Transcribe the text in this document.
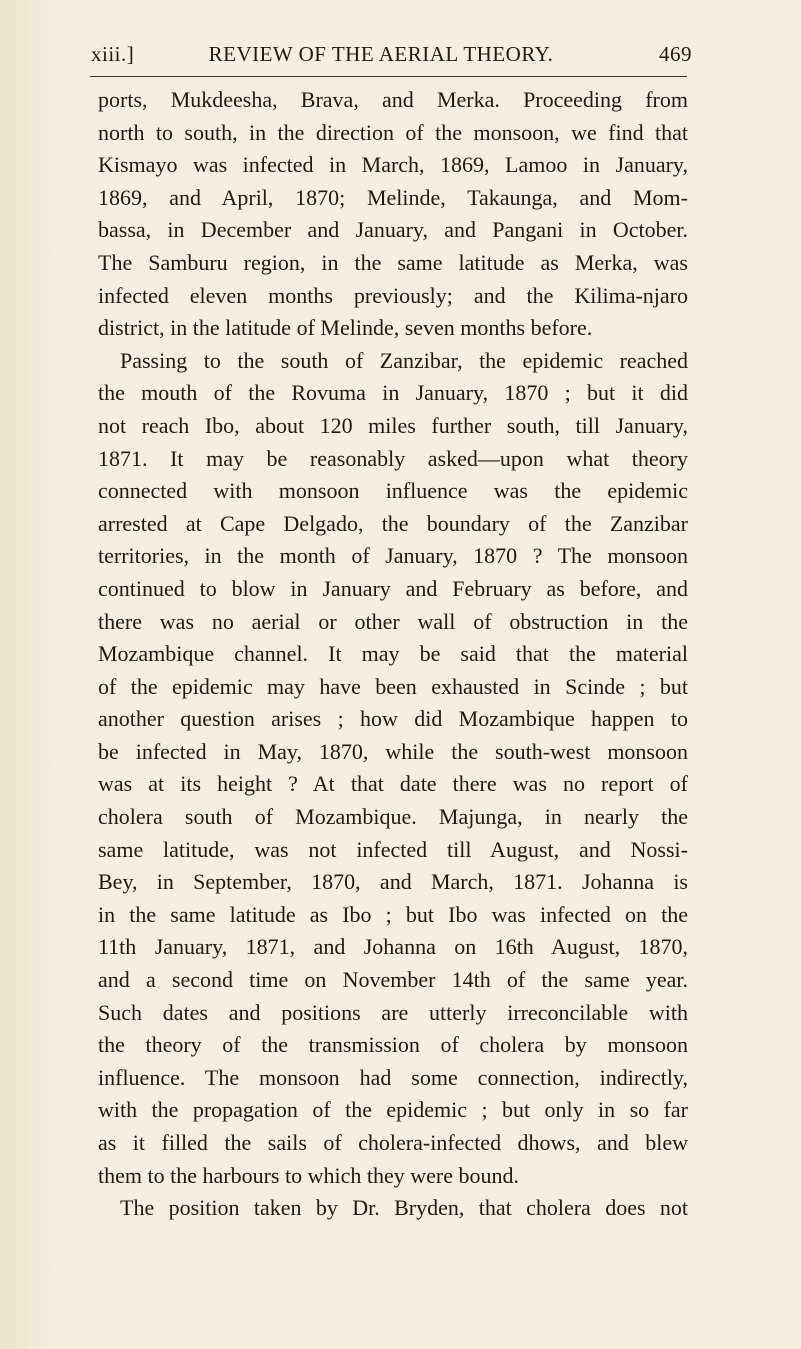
xiii.]	REVIEW OF THE AERIAL THEORY.	469

ports, Mukdeesha, Brava, and Merka. Proceeding from
north to south, in the direction of the monsoon, we find that
Kismayo was infected in March, 1869, Lamoo in January,
1869, and April, 1870; Melinde, Takaunga, and Mom-
bassa, in December and January, and Pangani in October.
The Samburu region, in the same latitude as Merka, was
infected eleven months previously; and the Kilima-njaro
district, in the latitude of Melinde, seven months before.

Passing to the south of Zanzibar, the epidemic reached
the mouth of the Rovuma in January, 1870 ; but it did
not reach Ibo, about 120 miles further south, till January,
1871. It may be reasonably asked—upon what theory
connected with monsoon influence was the epidemic
arrested at Cape Delgado, the boundary of the Zanzibar
territories, in the month of January, 1870 ? The monsoon
continued to blow in January and February as before, and
there was no aerial or other wall of obstruction in the
Mozambique channel. It may be said that the material
of the epidemic may have been exhausted in Scinde ; but
another question arises ; how did Mozambique happen to
be infected in May, 1870, while the south-west monsoon
was at its height ? At that date there was no report of
cholera south of Mozambique. Majunga, in nearly the
same latitude, was not infected till August, and Nossi-
Bey, in September, 1870, and March, 1871. Johanna is
in the same latitude as Ibo ; but Ibo was infected on the
11th January, 1871, and Johanna on 16th August, 1870,
and a second time on November 14th of the same year.
Such dates and positions are utterly irreconcilable with
the theory of the transmission of cholera by monsoon
influence. The monsoon had some connection, indirectly,
with the propagation of the epidemic ; but only in so far
as it filled the sails of cholera-infected dhows, and blew
them to the harbours to which they were bound.

The position taken by Dr. Bryden, that cholera does not
